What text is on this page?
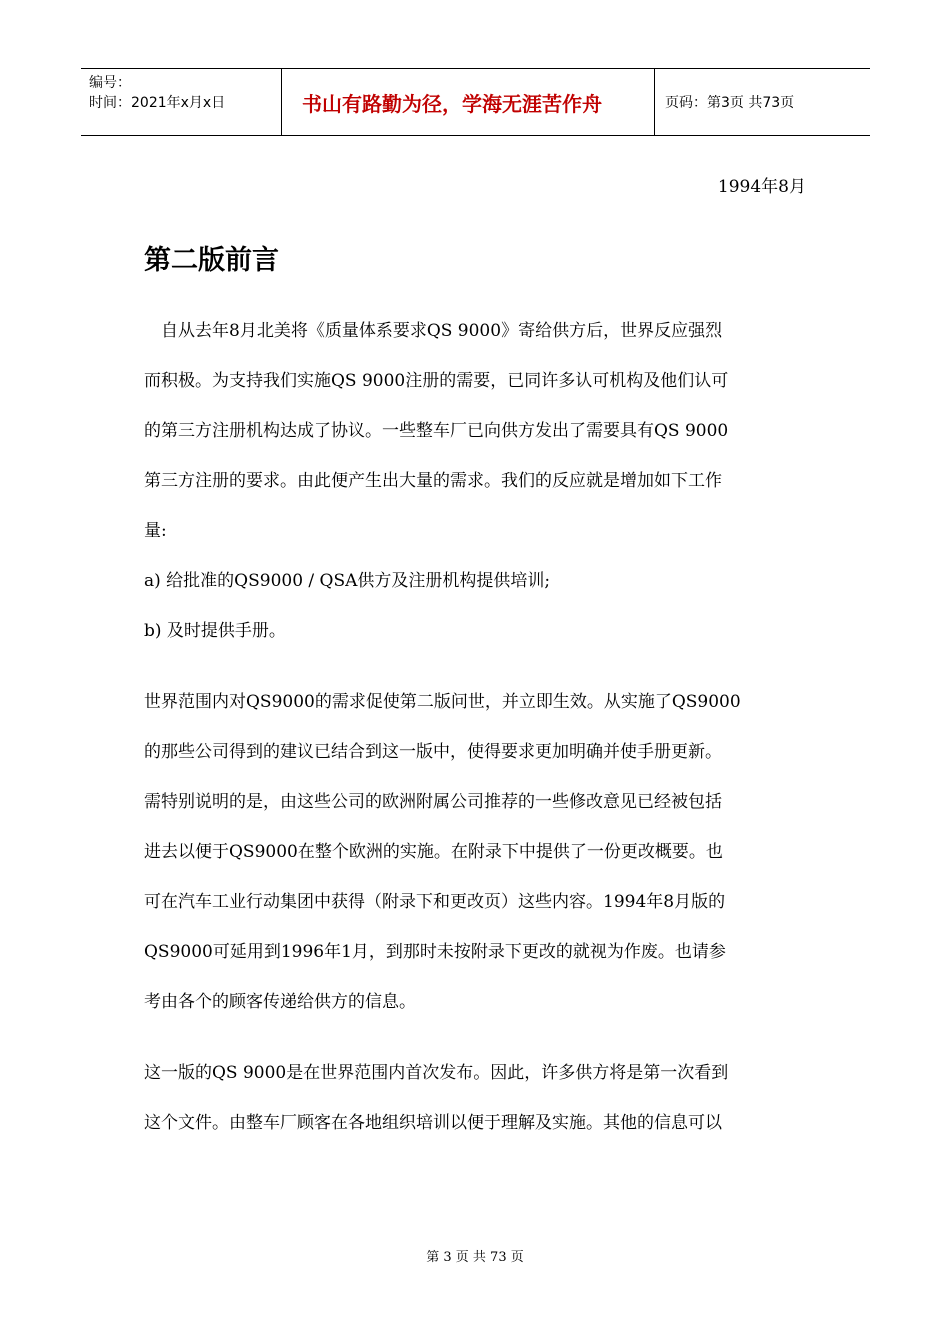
编号：
时间：2021年x月x日	书山有路勤为径，学海无涯苦作舟	页码：第3页 共73页
1994年8月
第二版前言
　自从去年8月北美将《质量体系要求QS 9000》寄给供方后，世界反应强烈
而积极。为支持我们实施QS 9000注册的需要，已同许多认可机构及他们认可
的第三方注册机构达成了协议。一些整车厂已向供方发出了需要具有QS 9000
第三方注册的要求。由此便产生出大量的需求。我们的反应就是增加如下工作
量:
a) 给批准的QS9000 / QSA供方及注册机构提供培训;
b) 及时提供手册。
世界范围内对QS9000的需求促使第二版问世，并立即生效。从实施了QS9000
的那些公司得到的建议已结合到这一版中，使得要求更加明确并使手册更新。
需特别说明的是，由这些公司的欧洲附属公司推荐的一些修改意见已经被包括
进去以便于QS9000在整个欧洲的实施。在附录下中提供了一份更改概要。也
可在汽车工业行动集团中获得（附录下和更改页）这些内容。1994年8月版的
QS9000可延用到1996年1月，到那时未按附录下更改的就视为作废。也请参
考由各个的顾客传递给供方的信息。
这一版的QS 9000是在世界范围内首次发布。因此，许多供方将是第一次看到
这个文件。由整车厂顾客在各地组织培训以便于理解及实施。其他的信息可以
第 3 页 共 73 页
